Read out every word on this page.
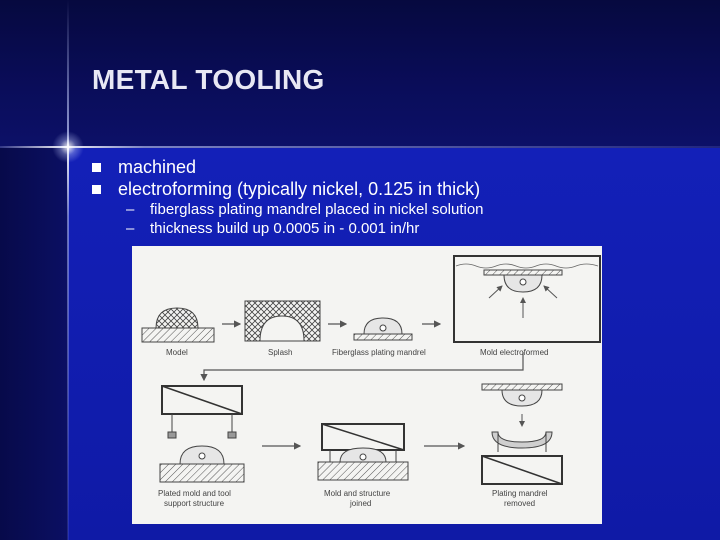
METAL TOOLING
machined
electroforming (typically nickel, 0.125 in thick)
– fiberglass plating mandrel placed in nickel solution
– thickness build up 0.0005 in - 0.001 in/hr
Model	Splash	Fiberglass plating mandrel	Mold electroformed
Plated mold and tool
support structure
Mold and structure
joined
Plating mandrel
removed
